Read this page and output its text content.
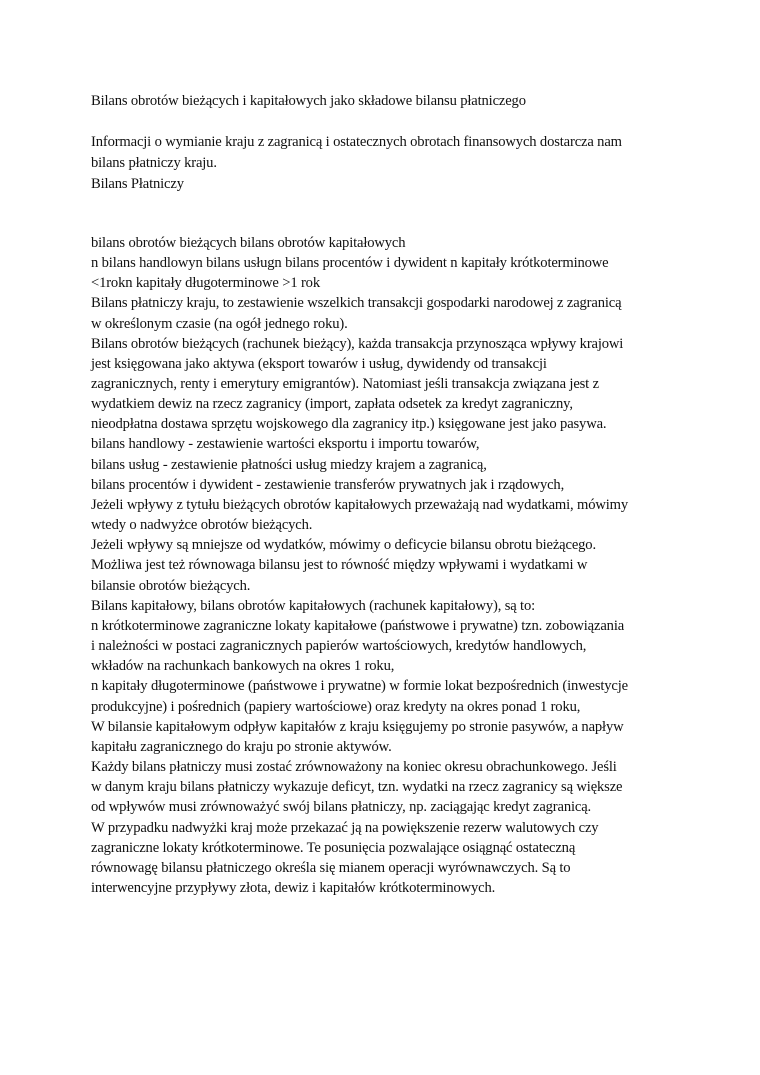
Bilans obrotów bieżących i kapitałowych jako składowe bilansu płatniczego
Informacji o wymianie kraju z zagranicą i ostatecznych obrotach finansowych dostarcza nam
bilans płatniczy kraju.
Bilans Płatniczy
bilans obrotów bieżących bilans obrotów kapitałowych
n bilans handlowyn bilans usługn bilans procentów i dywident n kapitały krótkoterminowe
<1rokn kapitały długoterminowe >1 rok
Bilans płatniczy kraju, to zestawienie wszelkich transakcji gospodarki narodowej z zagranicą
w określonym czasie (na ogół jednego roku).
Bilans obrotów bieżących (rachunek bieżący), każda transakcja przynosząca wpływy krajowi
jest księgowana jako aktywa (eksport towarów i usług, dywidendy od transakcji
zagranicznych, renty i emerytury emigrantów). Natomiast jeśli transakcja związana jest z
wydatkiem dewiz na rzecz zagranicy (import, zapłata odsetek za kredyt zagraniczny,
nieodpłatna dostawa sprzętu wojskowego dla zagranicy itp.) księgowane jest jako pasywa.
bilans handlowy - zestawienie wartości eksportu i importu towarów,
bilans usług - zestawienie płatności usług miedzy krajem a zagranicą,
bilans procentów i dywident - zestawienie transferów prywatnych jak i rządowych,
Jeżeli wpływy z tytułu bieżących obrotów kapitałowych przeważają nad wydatkami, mówimy
wtedy o nadwyżce obrotów bieżących.
Jeżeli wpływy są mniejsze od wydatków, mówimy o deficycie bilansu obrotu bieżącego.
Możliwa jest też równowaga bilansu jest to równość między wpływami i wydatkami w
bilansie obrotów bieżących.
Bilans kapitałowy, bilans obrotów kapitałowych (rachunek kapitałowy), są to:
n krótkoterminowe zagraniczne lokaty kapitałowe (państwowe i prywatne) tzn. zobowiązania
i należności w postaci zagranicznych papierów wartościowych, kredytów handlowych,
wkładów na rachunkach bankowych na okres 1 roku,
n kapitały długoterminowe (państwowe i prywatne) w formie lokat bezpośrednich (inwestycje
produkcyjne) i pośrednich (papiery wartościowe) oraz kredyty na okres ponad 1 roku,
W bilansie kapitałowym odpływ kapitałów z kraju księgujemy po stronie pasywów, a napływ
kapitału zagranicznego do kraju po stronie aktywów.
Każdy bilans płatniczy musi zostać zrównoważony na koniec okresu obrachunkowego. Jeśli
w danym kraju bilans płatniczy wykazuje deficyt, tzn. wydatki na rzecz zagranicy są większe
od wpływów musi zrównoważyć swój bilans płatniczy, np. zaciągając kredyt zagranicą.
W przypadku nadwyżki kraj może przekazać ją na powiększenie rezerw walutowych czy
zagraniczne lokaty krótkoterminowe. Te posunięcia pozwalające osiągnąć ostateczną
równowagę bilansu płatniczego określa się mianem operacji wyrównawczych. Są to
interwencyjne przypływy złota, dewiz i kapitałów krótkoterminowych.
